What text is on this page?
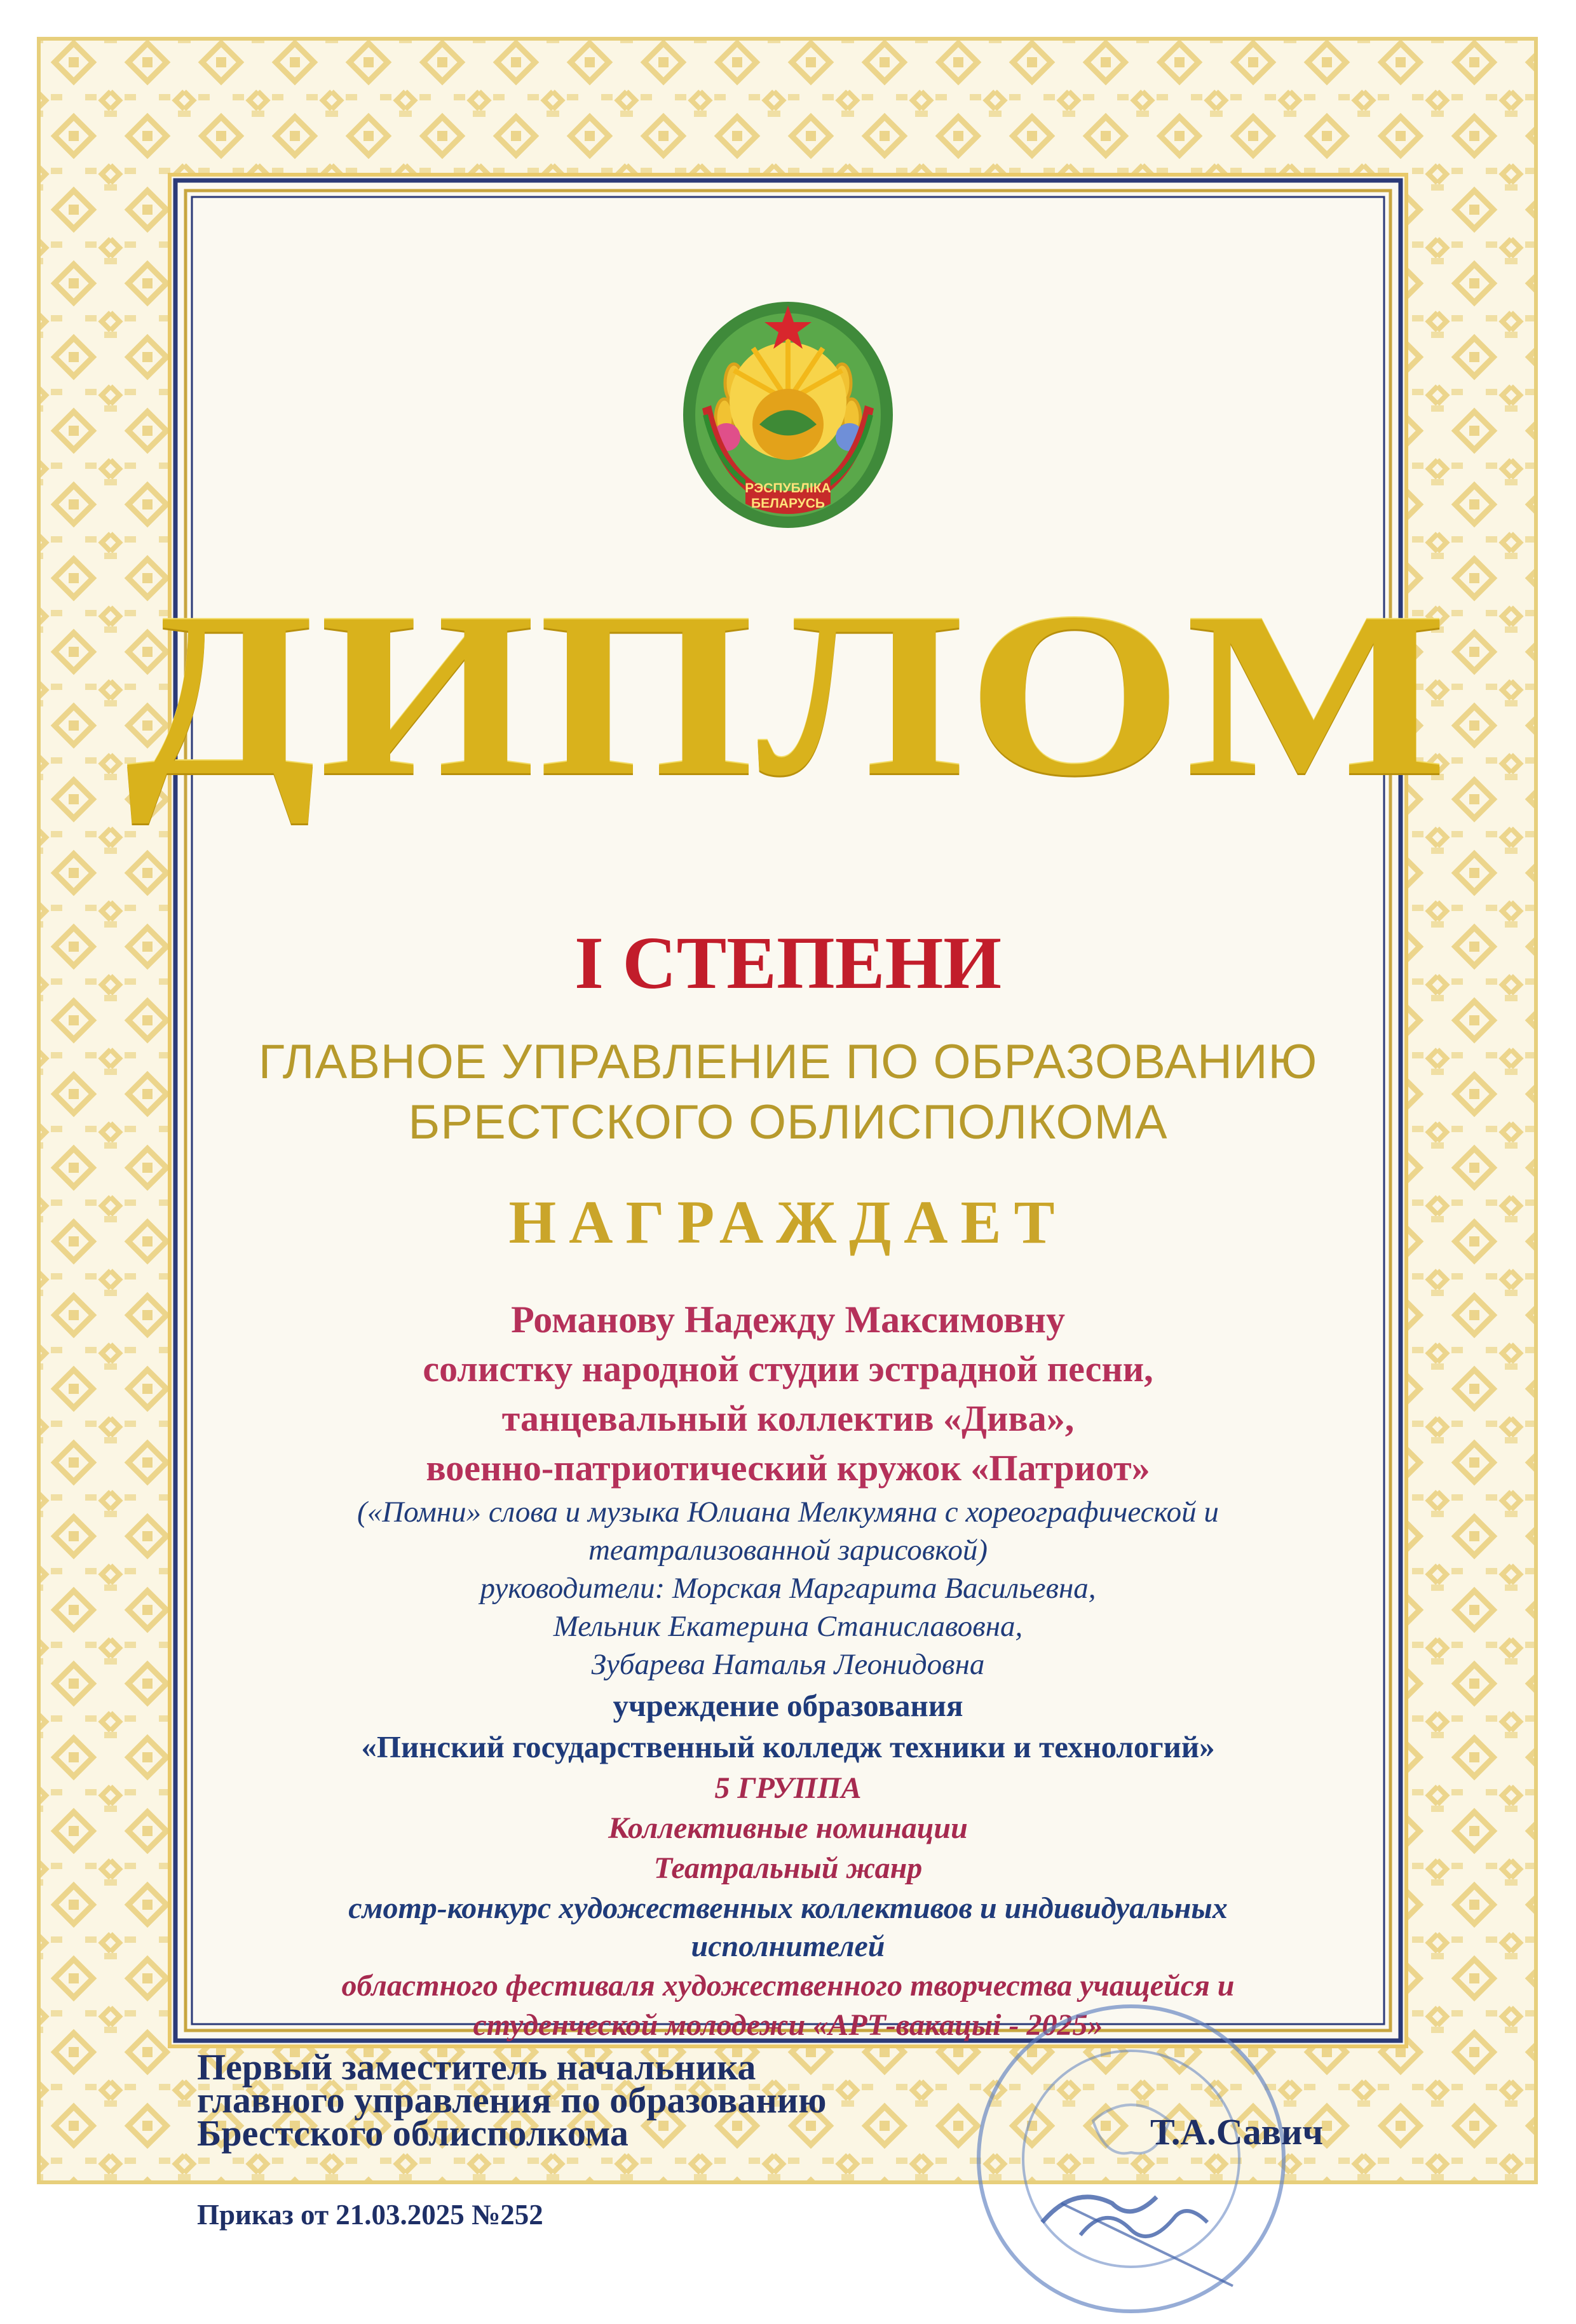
РЭСПУБЛІКА
БЕЛАРУСЬ
ДИПЛОМ
I СТЕПЕНИ
ГЛАВНОЕ УПРАВЛЕНИЕ ПО ОБРАЗОВАНИЮ
БРЕСТСКОГО ОБЛИСПОЛКОМА
НАГРАЖДАЕТ
Романову Надежду Максимовну
солистку народной студии эстрадной песни,
танцевальный коллектив «Дива»,
военно-патриотический кружок «Патриот»
(«Помни» слова и музыка Юлиана Мелкумяна с хореографической и
театрализованной зарисовкой)
руководители: Морская Маргарита Васильевна,
Мельник Екатерина Станиславовна,
Зубарева Наталья Леонидовна
учреждение образования
«Пинский государственный колледж техники и технологий»
5 ГРУППА
Коллективные номинации
Театральный жанр
смотр-конкурс художественных коллективов и индивидуальных
исполнителей
областного фестиваля художественного творчества учащейся и
студенческой молодежи «АРТ-вакацыі - 2025»
Первый заместитель начальника
главного управления по образованию
Брестского облисполкома	Т.А.Савич
Приказ от 21.03.2025 №252
